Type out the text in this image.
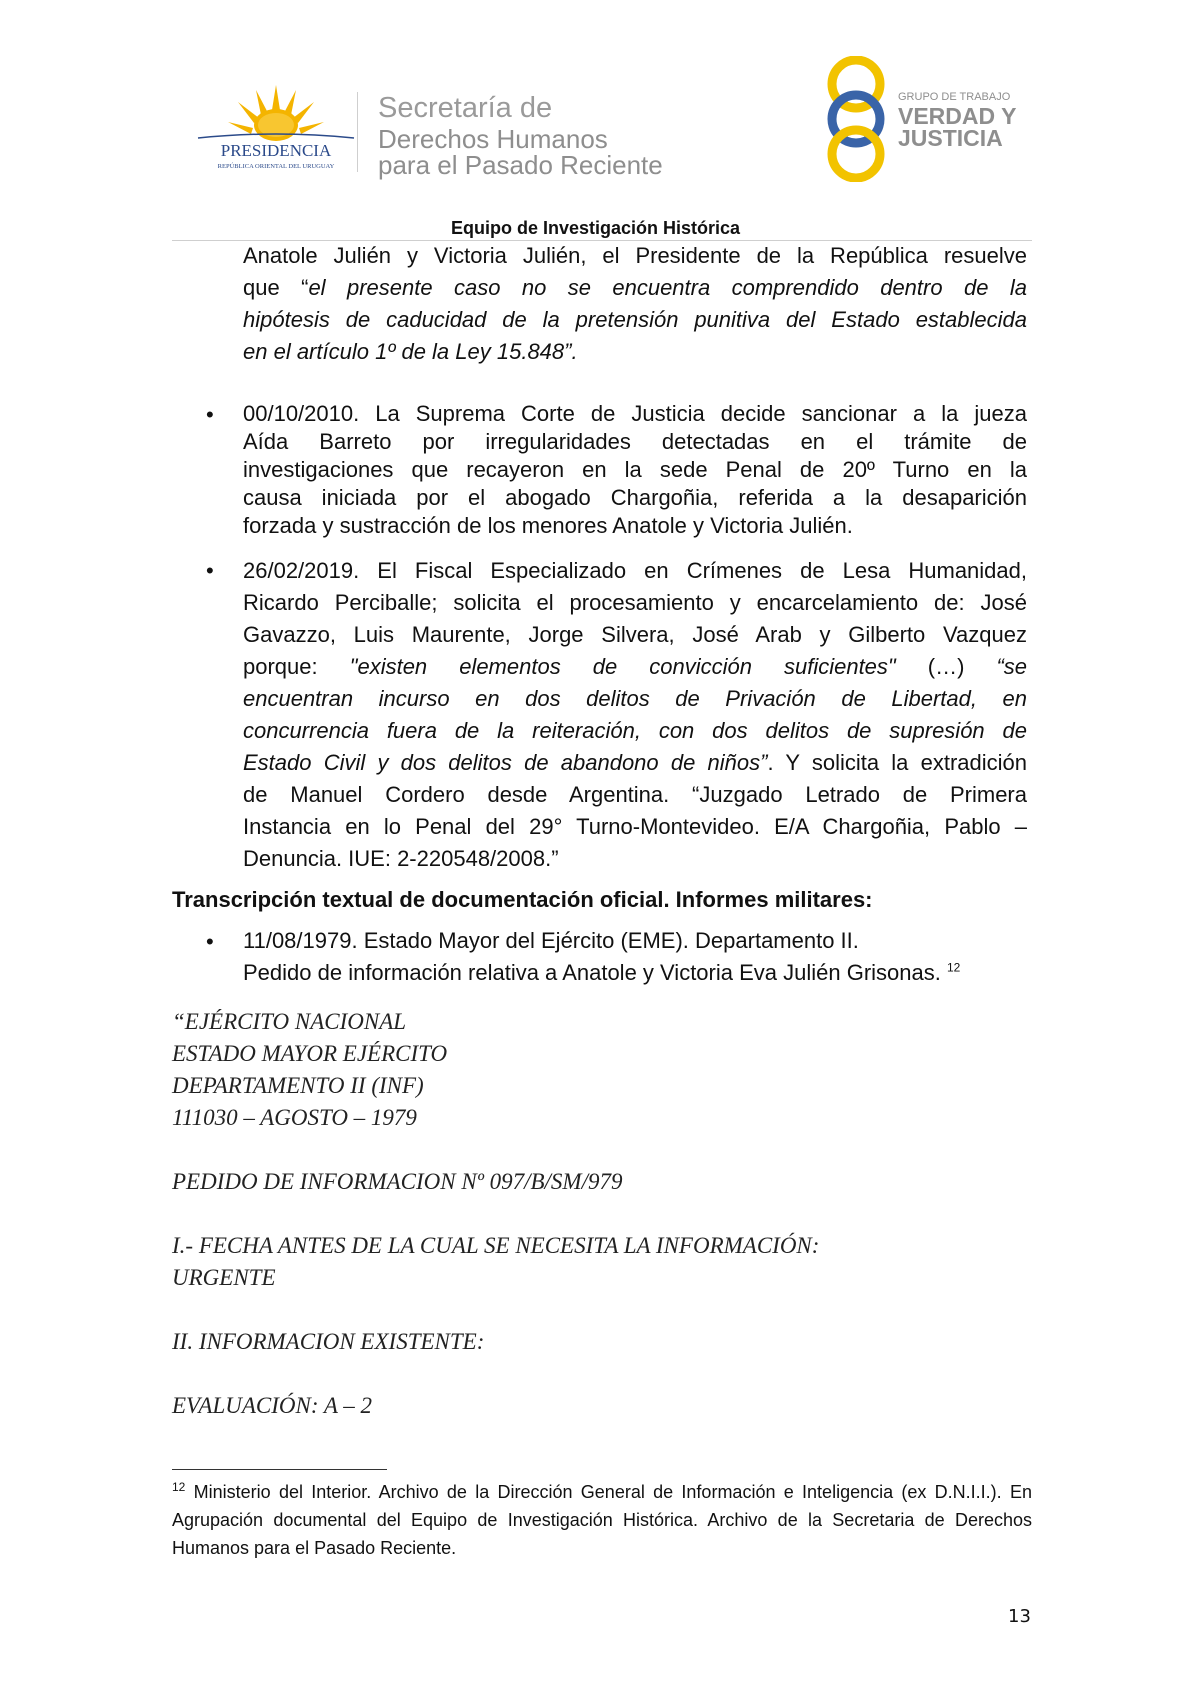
PRESIDENCIA
REPÚBLICA ORIENTAL DEL URUGUAY
Secretaría de
Derechos Humanos
para el Pasado Reciente
GRUPO DE TRABAJO
VERDAD Y
JUSTICIA
Equipo de Investigación Histórica
Anatole Julién y Victoria Julién, el Presidente de la República resuelve
que “el presente caso no se encuentra comprendido dentro de la
hipótesis de caducidad de la pretensión punitiva del Estado establecida
en el artículo 1º de la Ley 15.848”.
• 00/10/2010. La Suprema Corte de Justicia decide sancionar a la jueza
Aída Barreto por irregularidades detectadas en el trámite de
investigaciones que recayeron en la sede Penal de 20º Turno en la
causa iniciada por el abogado Chargoñia, referida a la desaparición
forzada y sustracción de los menores Anatole y Victoria Julién.
• 26/02/2019. El Fiscal Especializado en Crímenes de Lesa Humanidad,
Ricardo Perciballe; solicita el procesamiento y encarcelamiento de: José
Gavazzo, Luis Maurente, Jorge Silvera, José Arab y Gilberto Vazquez
porque: "existen elementos de convicción suficientes" (…) “se
encuentran incurso en dos delitos de Privación de Libertad, en
concurrencia fuera de la reiteración, con dos delitos de supresión de
Estado Civil y dos delitos de abandono de niños”. Y solicita la extradición
de Manuel Cordero desde Argentina. “Juzgado Letrado de Primera
Instancia en lo Penal del 29° Turno-Montevideo. E/A Chargoñia, Pablo –
Denuncia. IUE: 2-220548/2008.”
Transcripción textual de documentación oficial. Informes militares:
• 11/08/1979. Estado Mayor del Ejército (EME). Departamento II.
Pedido de información relativa a Anatole y Victoria Eva Julién Grisonas. $^{12}$
“EJÉRCITO NACIONAL
ESTADO MAYOR EJÉRCITO
DEPARTAMENTO II (INF)
111030 – AGOSTO – 1979
PEDIDO DE INFORMACION Nº 097/B/SM/979
I.- FECHA ANTES DE LA CUAL SE NECESITA LA INFORMACIÓN:
URGENTE
II. INFORMACION EXISTENTE:
EVALUACIÓN: A – 2
$^{12}$ Ministerio del Interior. Archivo de la Dirección General de Información e Inteligencia (ex D.N.I.I.). En Agrupación documental del Equipo de Investigación Histórica. Archivo de la Secretaria de Derechos Humanos para el Pasado Reciente.
13
